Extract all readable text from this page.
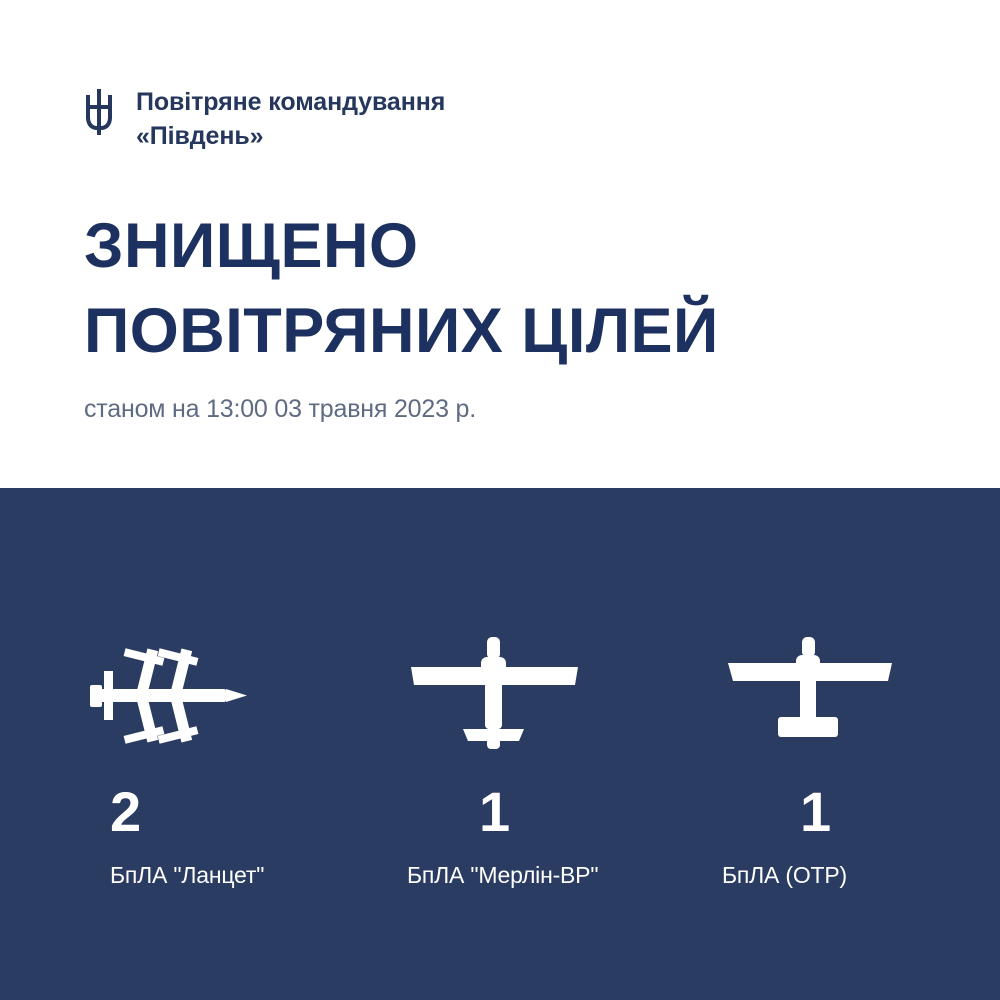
Повітряне командування
«Південь»
ЗНИЩЕНО
ПОВІТРЯНИХ ЦІЛЕЙ
станом на 13:00 03 травня 2023 р.
2
БпЛА "Ланцет"
1
БпЛА "Мерлін-ВР"
1
БпЛА (ОТР)
